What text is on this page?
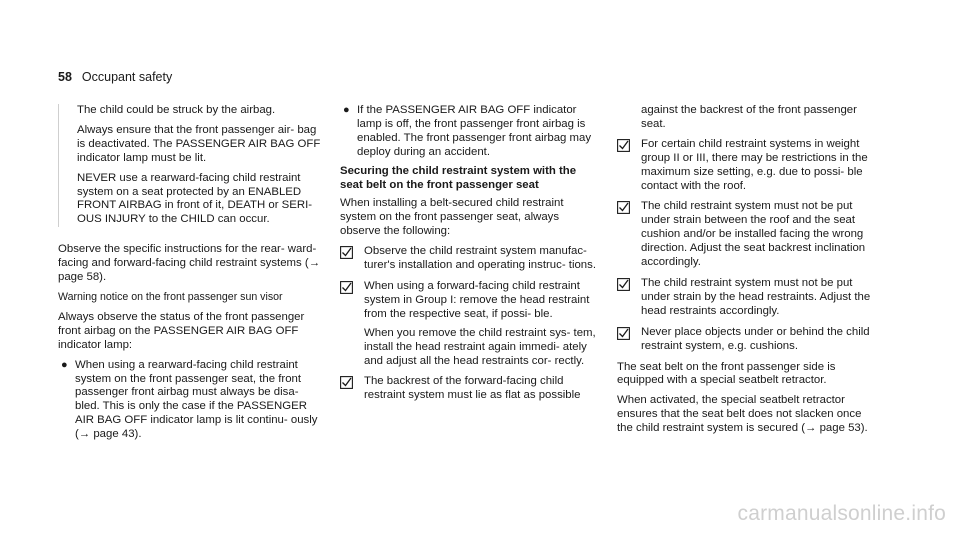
58 Occupant safety

The child could be struck by the airbag.

Always ensure that the front passenger air- bag is deactivated. The PASSENGER AIR BAG OFF indicator lamp must be lit.

NEVER use a rearward-facing child restraint system on a seat protected by an ENABLED FRONT AIRBAG in front of it, DEATH or SERI- OUS INJURY to the CHILD can occur.

Observe the specific instructions for the rear- ward-facing and forward-facing child restraint systems (→ page 58).

Warning notice on the front passenger sun visor

Always observe the status of the front passenger front airbag on the PASSENGER AIR BAG OFF indicator lamp:

● When using a rearward-facing child restraint system on the front passenger seat, the front passenger front airbag must always be disa- bled. This is only the case if the PASSENGER AIR BAG OFF indicator lamp is lit continu- ously (→ page 43).
● If the PASSENGER AIR BAG OFF indicator lamp is off, the front passenger front airbag is enabled. The front passenger front airbag may deploy during an accident.

Securing the child restraint system with the seat belt on the front passenger seat

When installing a belt-secured child restraint system on the front passenger seat, always observe the following:

Observe the child restraint system manufac- turer's installation and operating instruc- tions.
When using a forward-facing child restraint system in Group I: remove the head restraint from the respective seat, if possi- ble.
When you remove the child restraint sys- tem, install the head restraint again immedi- ately and adjust all the head restraints cor- rectly.
The backrest of the forward-facing child restraint system must lie as flat as possible

against the backrest of the front passenger seat.

For certain child restraint systems in weight group II or III, there may be restrictions in the maximum size setting, e.g. due to possi- ble contact with the roof.
The child restraint system must not be put under strain between the roof and the seat cushion and/or be installed facing the wrong direction. Adjust the seat backrest inclination accordingly.
The child restraint system must not be put under strain by the head restraints. Adjust the head restraints accordingly.
Never place objects under or behind the child restraint system, e.g. cushions.

The seat belt on the front passenger side is equipped with a special seatbelt retractor.

When activated, the special seatbelt retractor ensures that the seat belt does not slacken once the child restraint system is secured (→ page 53).

carmanualsonline.info
